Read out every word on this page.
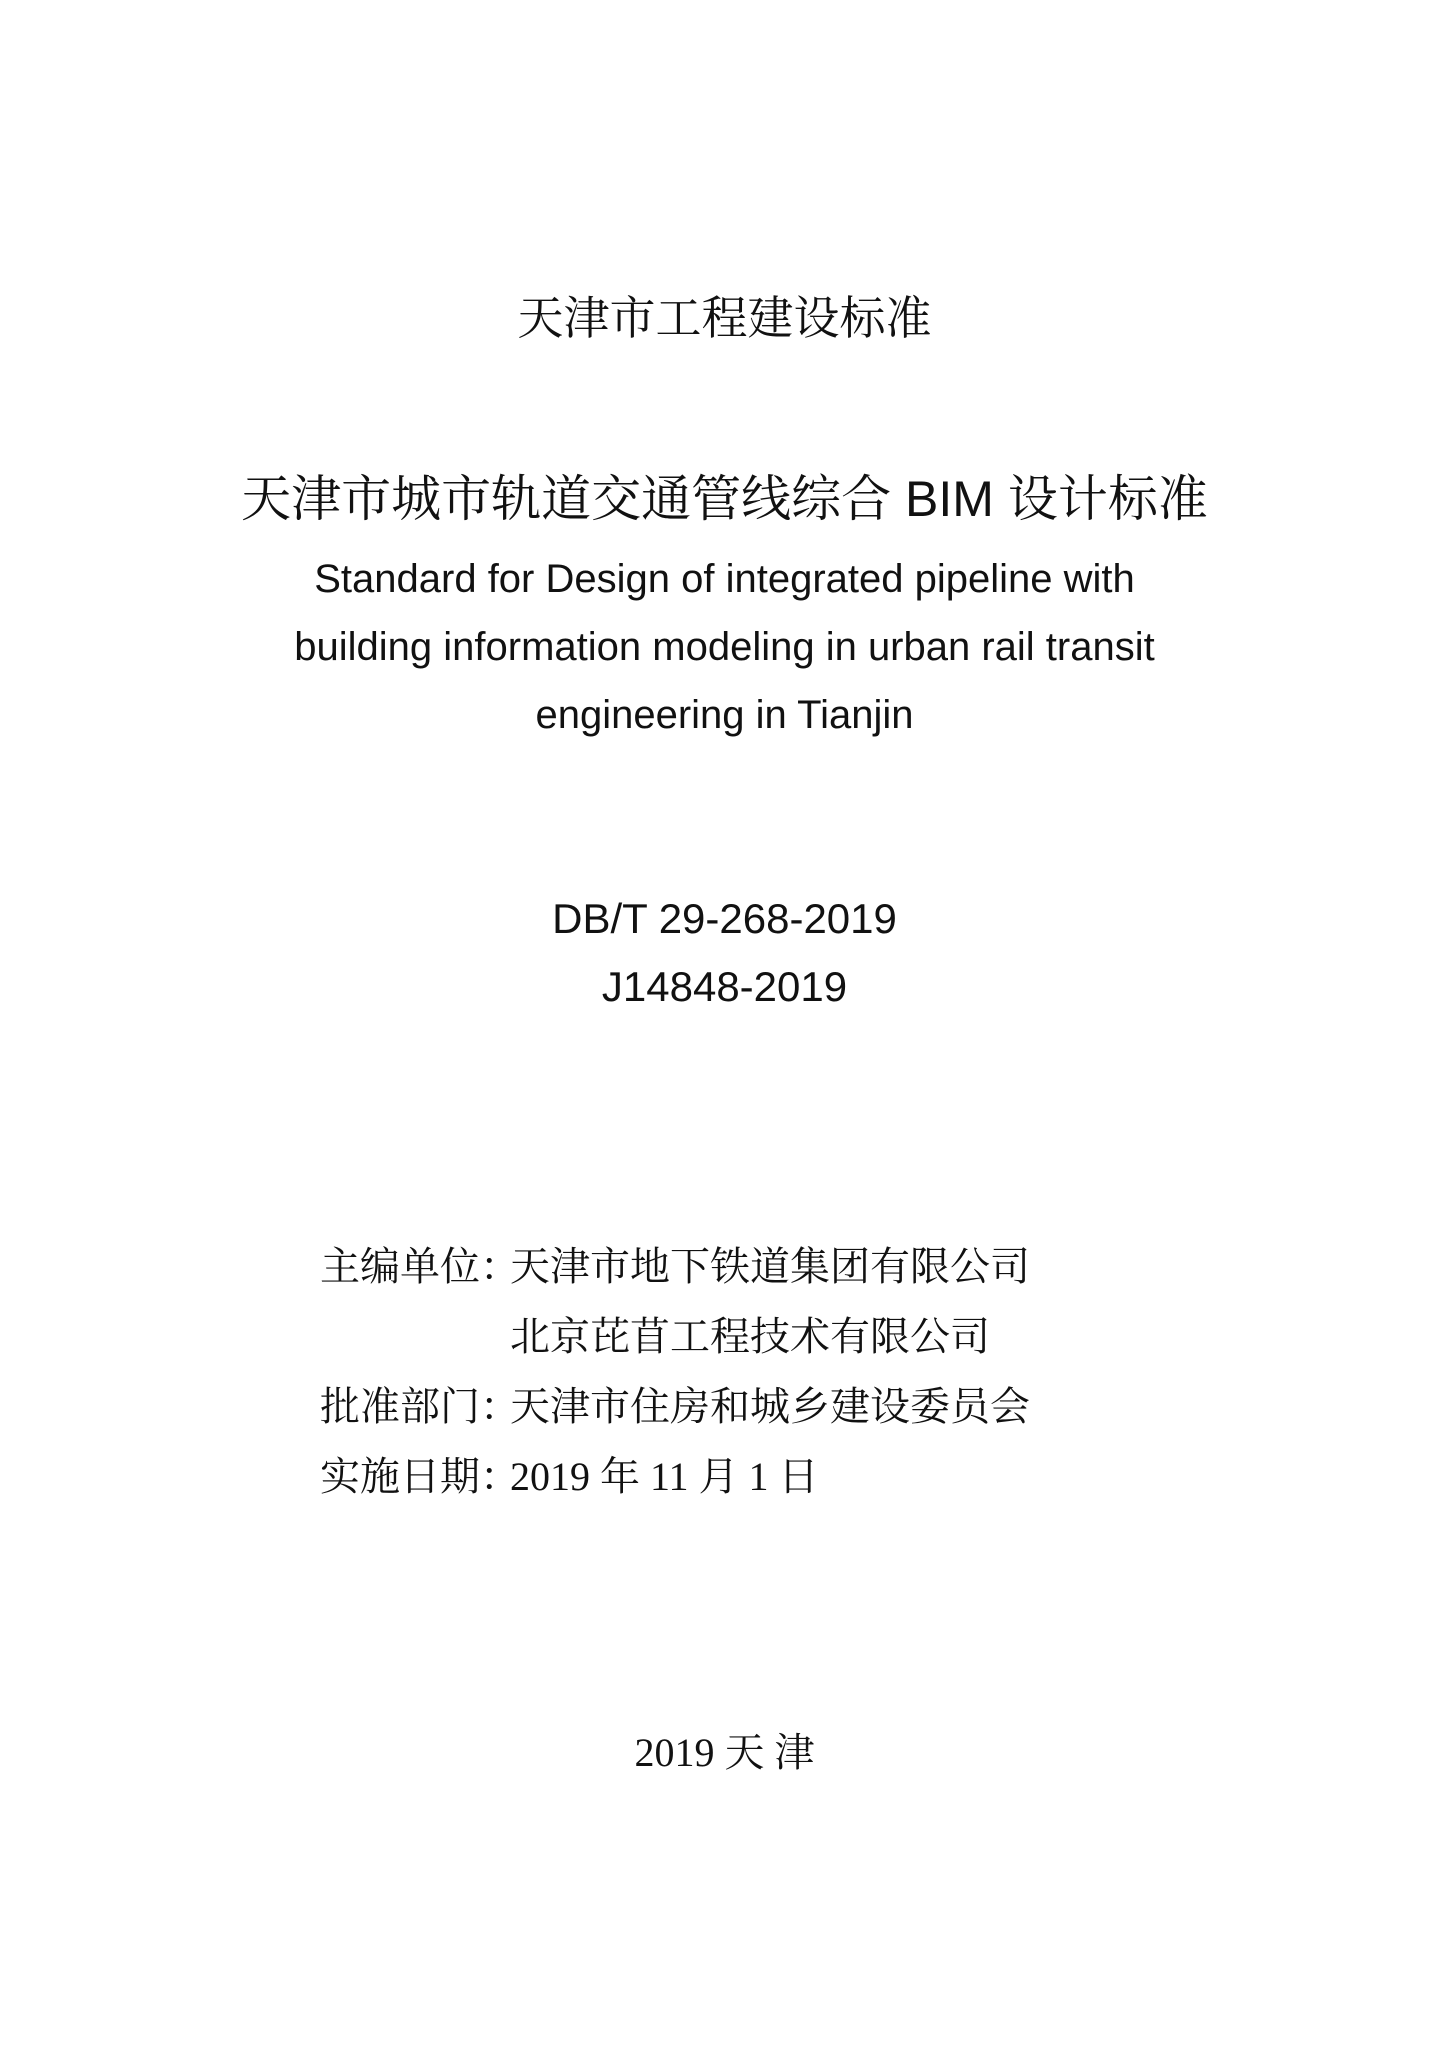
天津市工程建设标准
天津市城市轨道交通管线综合 BIM 设计标准
Standard for Design of integrated pipeline with
building information modeling in urban rail transit
engineering in Tianjin
DB/T 29-268-2019
J14848-2019
主编单位：
天津市地下铁道集团有限公司
北京芘苜工程技术有限公司
批准部门：
天津市住房和城乡建设委员会
实施日期：
2019 年 11 月 1 日
2019 天 津
